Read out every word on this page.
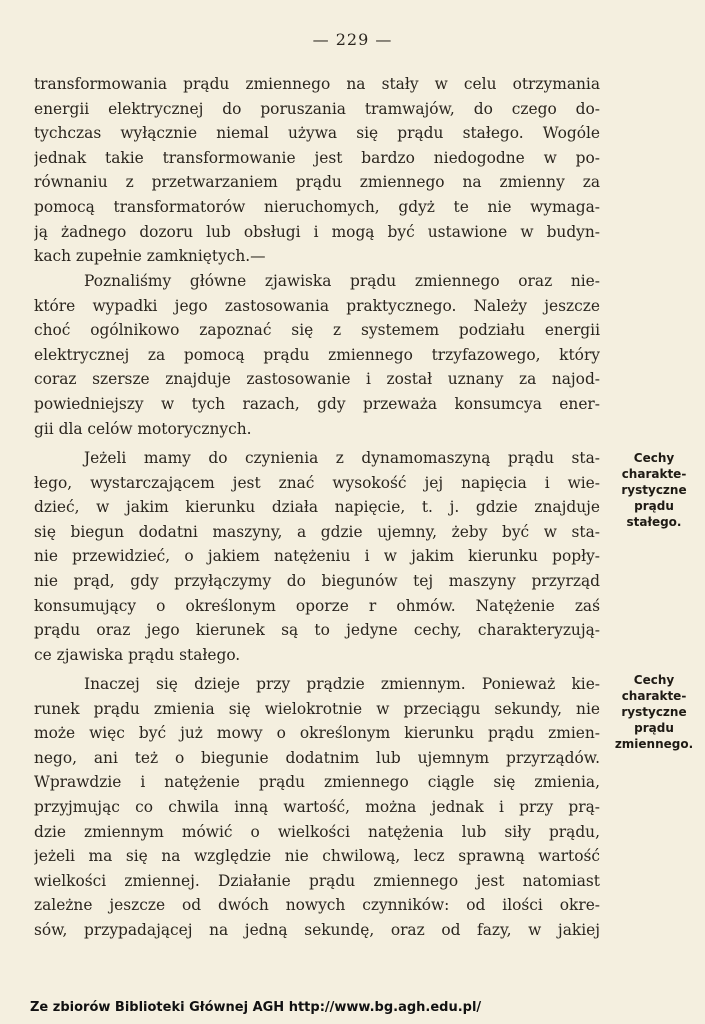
— 229 —
transformowania prądu zmiennego na stały w celu otrzymania
energii elektrycznej do poruszania tramwajów, do czego do-
tychczas wyłącznie niemal używa się prądu stałego. Wogóle
jednak takie transformowanie jest bardzo niedogodne w po-
równaniu z przetwarzaniem prądu zmiennego na zmienny za
pomocą transformatorów nieruchomych, gdyż te nie wymaga-
ją żadnego dozoru lub obsługi i mogą być ustawione w budyn-
kach zupełnie zamkniętych.—
Poznaliśmy główne zjawiska prądu zmiennego oraz nie-
które wypadki jego zastosowania praktycznego. Należy jeszcze
choć ogólnikowo zapoznać się z systemem podziału energii
elektrycznej za pomocą prądu zmiennego trzyfazowego, który
coraz szersze znajduje zastosowanie i został uznany za najod-
powiedniejszy w tych razach, gdy przeważa konsumcya ener-
gii dla celów motorycznych.
Jeżeli mamy do czynienia z dynamomaszyną prądu sta-
łego, wystarczającem jest znać wysokość jej napięcia i wie-
dzieć, w jakim kierunku działa napięcie, t. j. gdzie znajduje
się biegun dodatni maszyny, a gdzie ujemny, żeby być w sta-
nie przewidzieć, o jakiem natężeniu i w jakim kierunku popły-
nie prąd, gdy przyłączymy do biegunów tej maszyny przyrząd
konsumujący o określonym oporze r ohmów. Natężenie zaś
prądu oraz jego kierunek są to jedyne cechy, charakteryzują-
ce zjawiska prądu stałego.
Inaczej się dzieje przy prądzie zmiennym. Ponieważ kie-
runek prądu zmienia się wielokrotnie w przeciągu sekundy, nie
może więc być już mowy o określonym kierunku prądu zmien-
nego, ani też o biegunie dodatnim lub ujemnym przyrządów.
Wprawdzie i natężenie prądu zmiennego ciągle się zmienia,
przyjmując co chwila inną wartość, można jednak i przy prą-
dzie zmiennym mówić o wielkości natężenia lub siły prądu,
jeżeli ma się na względzie nie chwilową, lecz sprawną wartość
wielkości zmiennej. Działanie prądu zmiennego jest natomiast
zależne jeszcze od dwóch nowych czynników: od ilości okre-
sów, przypadającej na jedną sekundę, oraz od fazy, w jakiej
Cechy
charakte-
rystyczne
prądu
stałego.
Cechy
charakte-
rystyczne
prądu
zmiennego.
Ze zbiorów Biblioteki Głównej AGH http://www.bg.agh.edu.pl/
